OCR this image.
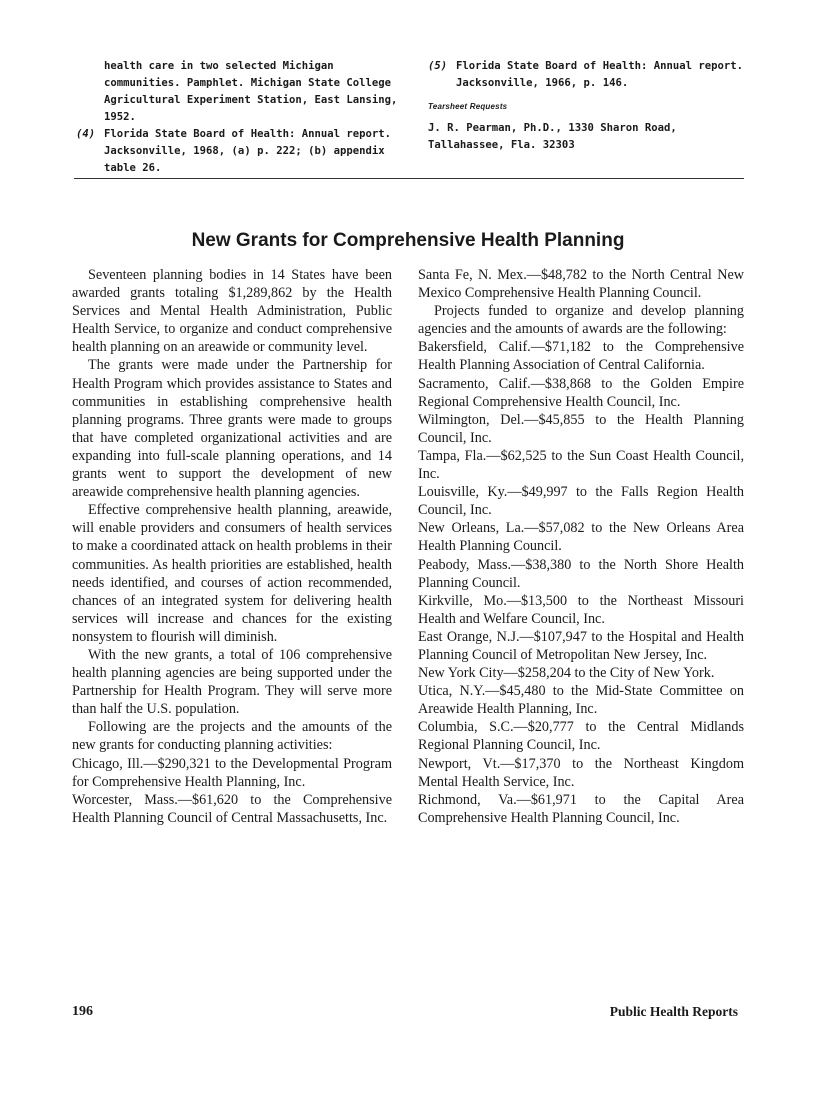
health care in two selected Michigan communities. Pamphlet. Michigan State College Agricultural Experiment Station, East Lansing, 1952.

(4) Florida State Board of Health: Annual report. Jacksonville, 1968, (a) p. 222; (b) appendix table 26.

(5) Florida State Board of Health: Annual report. Jacksonville, 1966, p. 146.

Tearsheet Requests

J. R. Pearman, Ph.D., 1330 Sharon Road, Tallahassee, Fla. 32303

New Grants for Comprehensive Health Planning

Seventeen planning bodies in 14 States have been awarded grants totaling $1,289,862 by the Health Services and Mental Health Administration, Public Health Service, to organize and conduct comprehensive health planning on an areawide or community level.

The grants were made under the Partnership for Health Program which provides assistance to States and communities in establishing comprehensive health planning programs. Three grants were made to groups that have completed organizational activities and are expanding into full-scale planning operations, and 14 grants went to support the development of new areawide comprehensive health planning agencies.

Effective comprehensive health planning, areawide, will enable providers and consumers of health services to make a coordinated attack on health problems in their communities. As health priorities are established, health needs identified, and courses of action recommended, chances of an integrated system for delivering health services will increase and chances for the existing nonsystem to flourish will diminish.

With the new grants, a total of 106 comprehensive health planning agencies are being supported under the Partnership for Health Program. They will serve more than half the U.S. population.

Following are the projects and the amounts of the new grants for conducting planning activities:

Chicago, Ill.—$290,321 to the Developmental Program for Comprehensive Health Planning, Inc.

Worcester, Mass.—$61,620 to the Comprehensive Health Planning Council of Central Massachusetts, Inc.

Santa Fe, N. Mex.—$48,782 to the North Central New Mexico Comprehensive Health Planning Council.

Projects funded to organize and develop planning agencies and the amounts of awards are the following:

Bakersfield, Calif.—$71,182 to the Comprehensive Health Planning Association of Central California.

Sacramento, Calif.—$38,868 to the Golden Empire Regional Comprehensive Health Council, Inc.

Wilmington, Del.—$45,855 to the Health Planning Council, Inc.

Tampa, Fla.—$62,525 to the Sun Coast Health Council, Inc.

Louisville, Ky.—$49,997 to the Falls Region Health Council, Inc.

New Orleans, La.—$57,082 to the New Orleans Area Health Planning Council.

Peabody, Mass.—$38,380 to the North Shore Health Planning Council.

Kirkville, Mo.—$13,500 to the Northeast Missouri Health and Welfare Council, Inc.

East Orange, N.J.—$107,947 to the Hospital and Health Planning Council of Metropolitan New Jersey, Inc.

New York City—$258,204 to the City of New York.

Utica, N.Y.—$45,480 to the Mid-State Committee on Areawide Health Planning, Inc.

Columbia, S.C.—$20,777 to the Central Midlands Regional Planning Council, Inc.

Newport, Vt.—$17,370 to the Northeast Kingdom Mental Health Service, Inc.

Richmond, Va.—$61,971 to the Capital Area Comprehensive Health Planning Council, Inc.

196	Public Health Reports
